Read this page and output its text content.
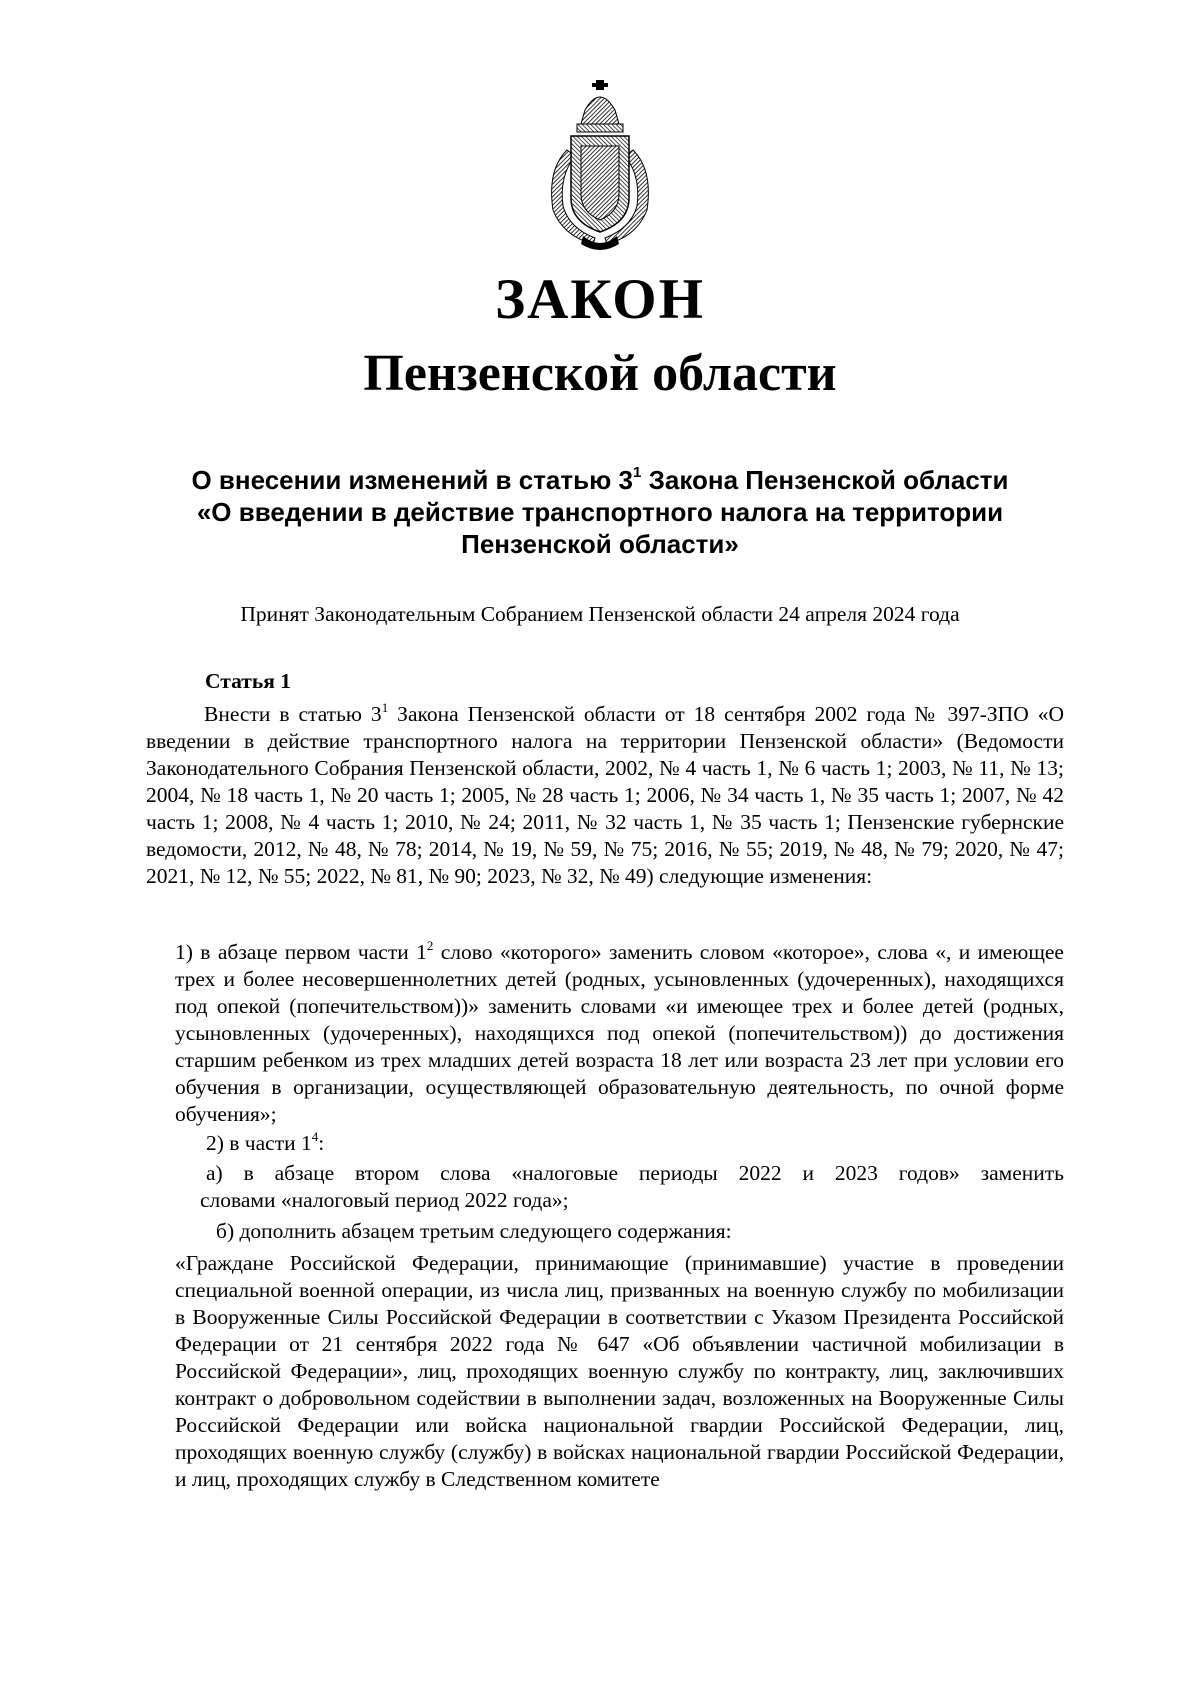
ЗАКОН
Пензенской области
О внесении изменений в статью $3^1$ Закона Пензенской области
«О введении в действие транспортного налога на территории
Пензенской области»
Принят Законодательным Собранием Пензенской области 24 апреля 2024 года
Статья 1

Внести в статью $3^1$ Закона Пензенской области от 18 сентября 2002 года № 397-ЗПО «О введении в действие транспортного налога на территории Пензенской области» (Ведомости Законодательного Собрания Пензенской области, 2002, № 4 часть 1, № 6 часть 1; 2003, № 11, № 13; 2004, № 18 часть 1, № 20 часть 1; 2005, № 28 часть 1; 2006, № 34 часть 1, № 35 часть 1; 2007, № 42 часть 1; 2008, № 4 часть 1; 2010, № 24; 2011, № 32 часть 1, № 35 часть 1; Пензенские губернские ведомости, 2012, № 48, № 78; 2014, № 19, № 59, № 75; 2016, № 55; 2019, № 48, № 79; 2020, № 47; 2021, № 12, № 55; 2022, № 81, № 90; 2023, № 32, № 49) следующие изменения:

1) в абзаце первом части $1^2$ слово «которого» заменить словом «которое», слова «, и имеющее трех и более несовершеннолетних детей (родных, усыновленных (удочеренных), находящихся под опекой (попечительством))» заменить словами «и имеющее трех и более детей (родных, усыновленных (удочеренных), находящихся под опекой (попечительством)) до достижения старшим ребенком из трех младших детей возраста 18 лет или возраста 23 лет при условии его обучения в организации, осуществляющей образовательную деятельность, по очной форме обучения»;

2) в части $1^4$:

а) в абзаце втором слова «налоговые периоды 2022 и 2023 годов» заменить
словами «налоговый период 2022 года»;

б) дополнить абзацем третьим следующего содержания:

«Граждане Российской Федерации, принимающие (принимавшие) участие в проведении специальной военной операции, из числа лиц, призванных на военную службу по мобилизации в Вооруженные Силы Российской Федерации в соответствии с Указом Президента Российской Федерации от 21 сентября 2022 года № 647 «Об объявлении частичной мобилизации в Российской Федерации», лиц, проходящих военную службу по контракту, лиц, заключивших контракт о добровольном содействии в выполнении задач, возложенных на Вооруженные Силы Российской Федерации или войска национальной гвардии Российской Федерации, лиц, проходящих военную службу (службу) в войсках национальной гвардии Российской Федерации, и лиц, проходящих службу в Следственном комитете
